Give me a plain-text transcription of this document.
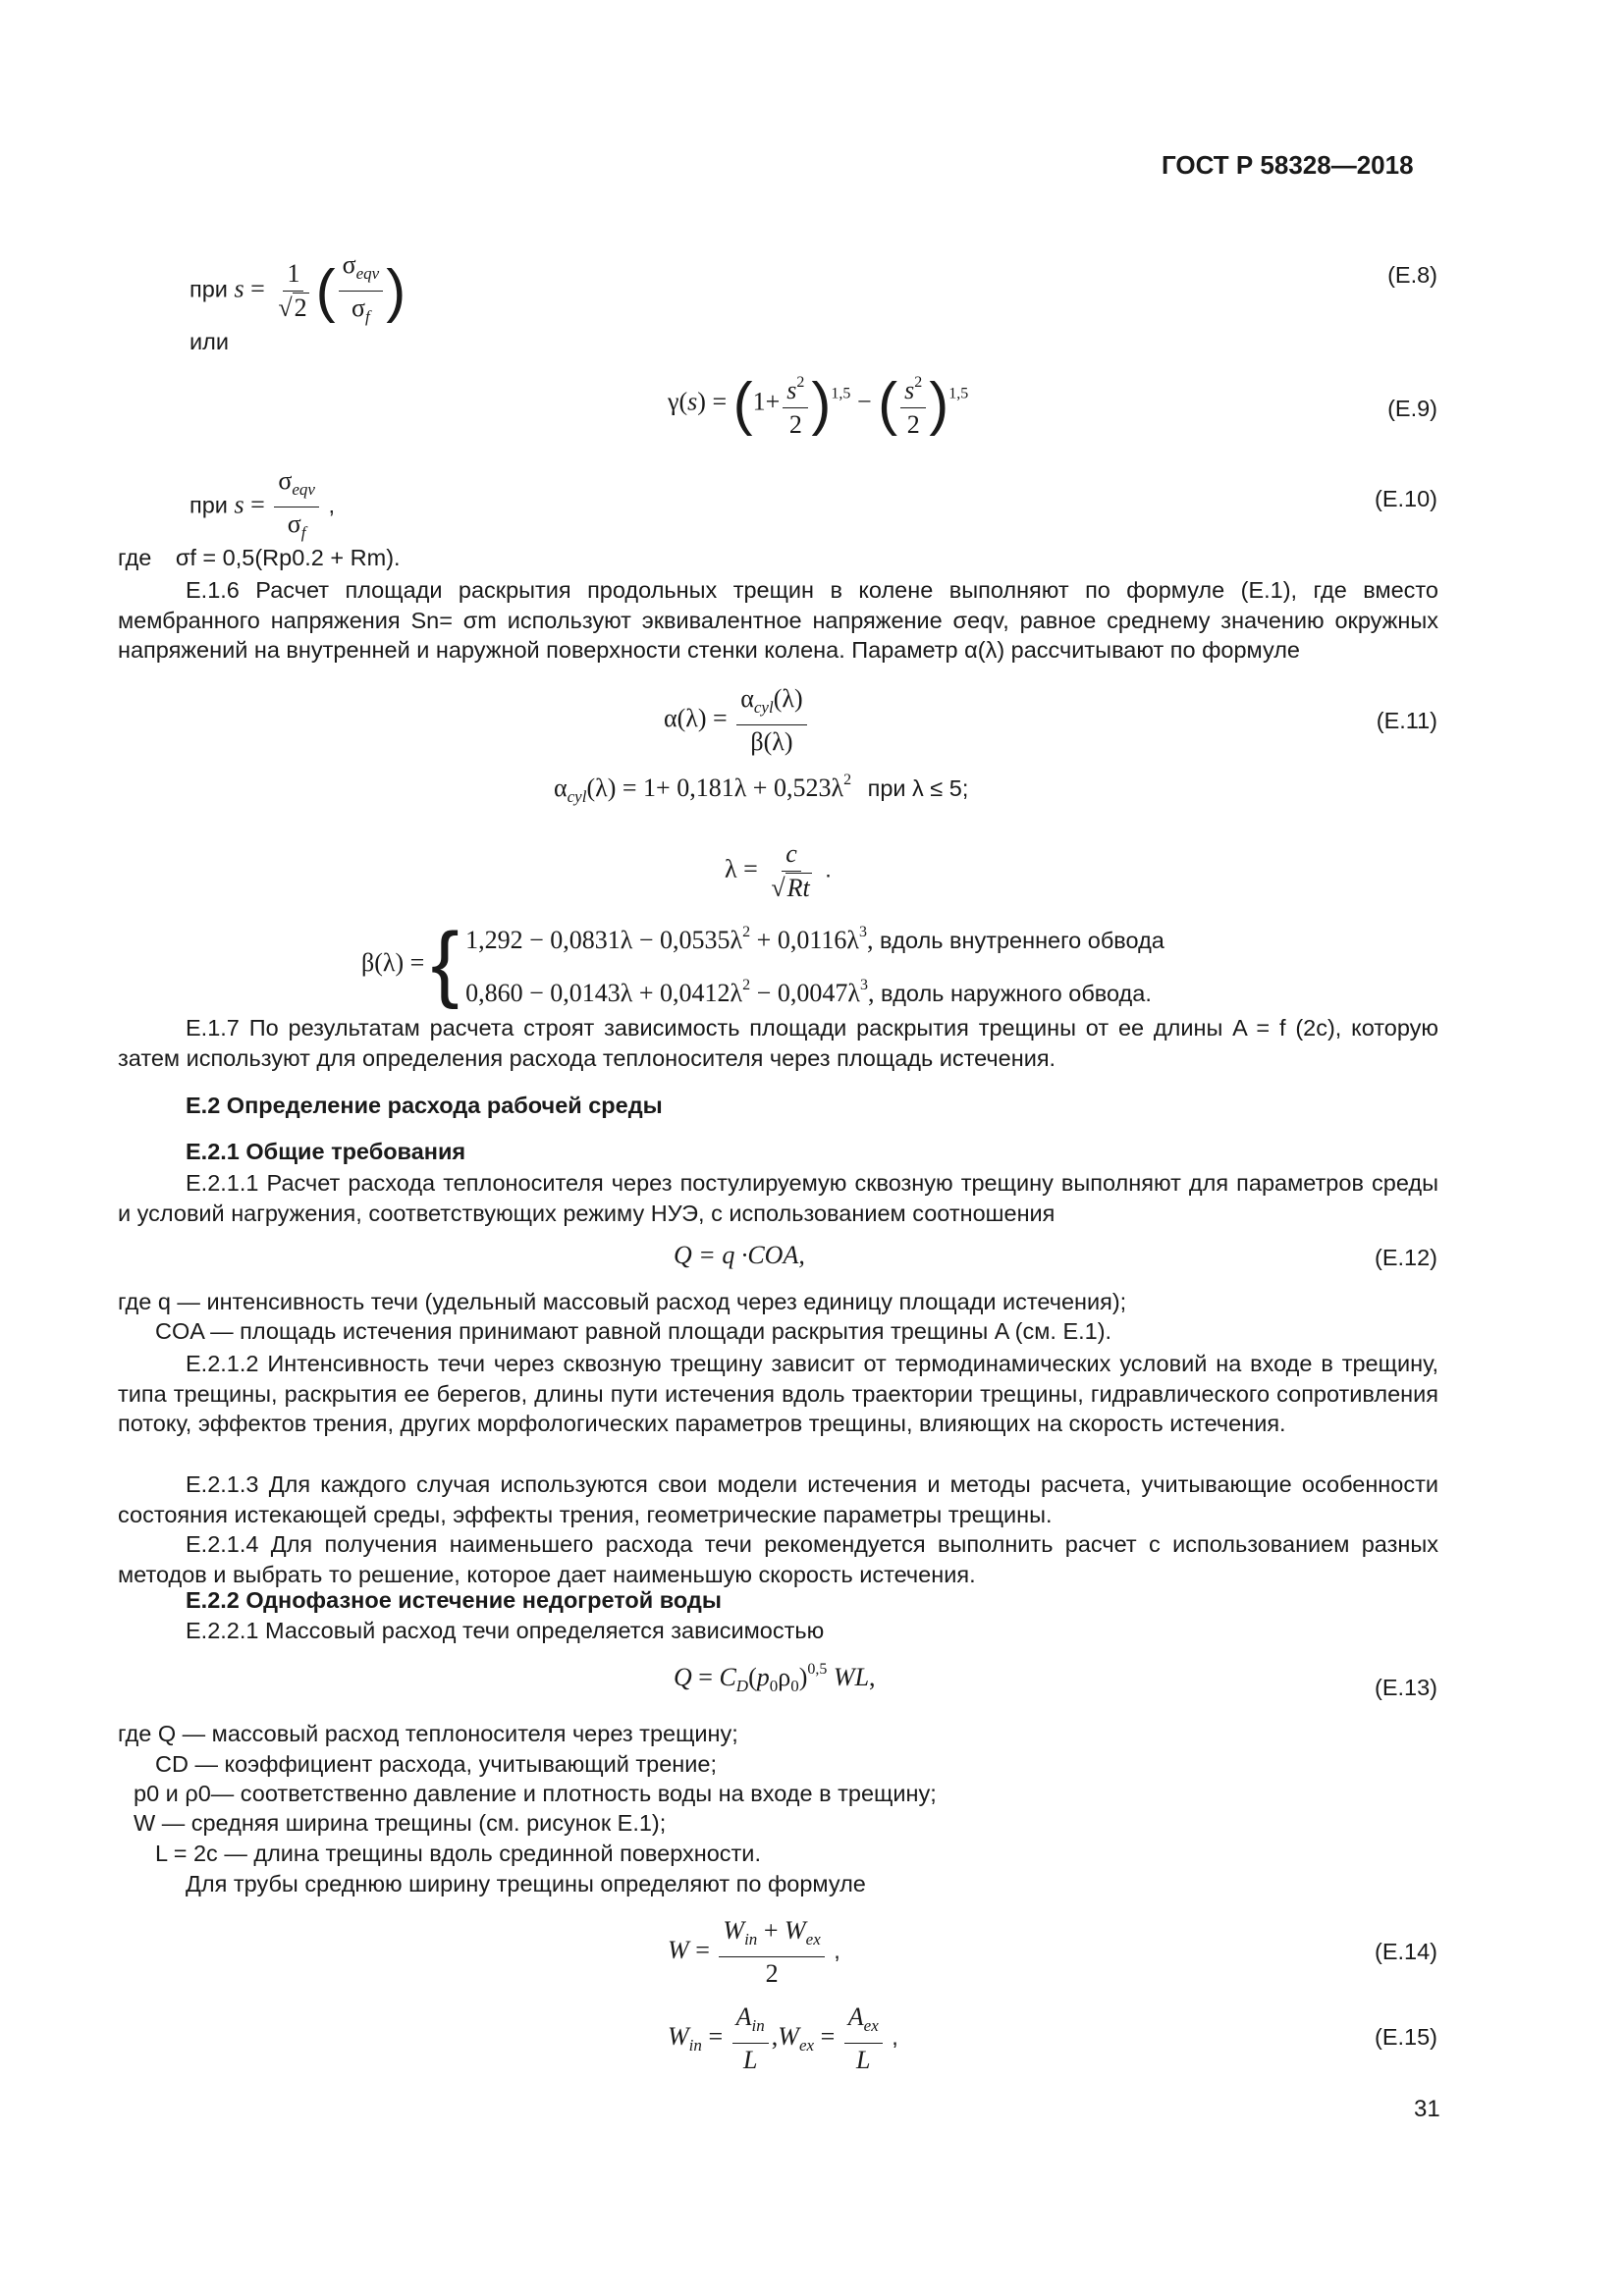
ГОСТ Р 58328—2018
при $s = \frac{1}{√2}$ ( $\frac{\sigma_{eqv}}{\sigma_f}$ )	(Е.8)
или
$\gamma(s) = (1+ \frac{s^2}{2} )^{1,5}$ − ( $\frac{s^2}{2} )^{1,5}$
(Е.9)
при $s = \frac{\sigma_{eqv}}{\sigma_f}$ ,	(Е.10)
где σf = 0,5(Rp0.2 + Rm).
Е.1.6 Расчет площади раскрытия продольных трещин в колене выполняют по формуле (Е.1), где вместо мембранного напряжения Sn= σm используют эквивалентное напряжение σeqv, равное среднему значению окружных напряжений на внутренней и наружной поверхности стенки колена. Параметр α(λ) рассчитывают по формуле
$\alpha(\lambda) = \frac{\alpha_{cyl}(\lambda)}{\beta(\lambda)}$	(Е.11)
$\alpha_{cyl}(\lambda) = 1+ 0,181\lambda + 0,523\lambda^2$ при λ ≤ 5;
$\lambda = \frac{c}{√Rt}$ .
β(λ) = { $1,292 - 0,0831\lambda - 0,0535\lambda^2 + 0,0116\lambda^3$, вдоль внутреннего обвода
$0,860 - 0,0143\lambda + 0,0412\lambda^2 - 0,0047\lambda^3$, вдоль наружного обвода.
Е.1.7 По результатам расчета строят зависимость площади раскрытия трещины от ее длины A = f (2c), которую затем используют для определения расхода теплоносителя через площадь истечения.
Е.2 Определение расхода рабочей среды
Е.2.1 Общие требования
Е.2.1.1 Расчет расхода теплоносителя через постулируемую сквозную трещину выполняют для параметров среды и условий нагружения, соответствующих режиму НУЭ, с использованием соотношения
Q = q ·COA,	(Е.12)
где q — интенсивность течи (удельный массовый расход через единицу площади истечения);
COA — площадь истечения принимают равной площади раскрытия трещины A (см. Е.1).
Е.2.1.2 Интенсивность течи через сквозную трещину зависит от термодинамических условий на входе в трещину, типа трещины, раскрытия ее берегов, длины пути истечения вдоль траектории трещины, гидравлического сопротивления потоку, эффектов трения, других морфологических параметров трещины, влияющих на скорость истечения.
Е.2.1.3 Для каждого случая используются свои модели истечения и методы расчета, учитывающие особенности состояния истекающей среды, эффекты трения, геометрические параметры трещины.
Е.2.1.4 Для получения наименьшего расхода течи рекомендуется выполнить расчет с использованием разных методов и выбрать то решение, которое дает наименьшую скорость истечения.
Е.2.2 Однофазное истечение недогретой воды
Е.2.2.1 Массовый расход течи определяется зависимостью
$Q = C_D(p_0\rho_0)^{0,5}$ WL,	(Е.13)
где Q — массовый расход теплоносителя через трещину;
CD — коэффициент расхода, учитывающий трение;
p0 и ρ0— соответственно давление и плотность воды на входе в трещину;
W — средняя ширина трещины (см. рисунок Е.1);
L = 2c — длина трещины вдоль срединной поверхности.
Для трубы среднюю ширину трещины определяют по формуле
$W = \frac{W_{in} + W_{ex}}{2}$ ,	(Е.14)
$W_{in} = \frac{A_{in}}{L} ,W_{ex} = \frac{A_{ex}}{L}$ ,	(Е.15)
31
